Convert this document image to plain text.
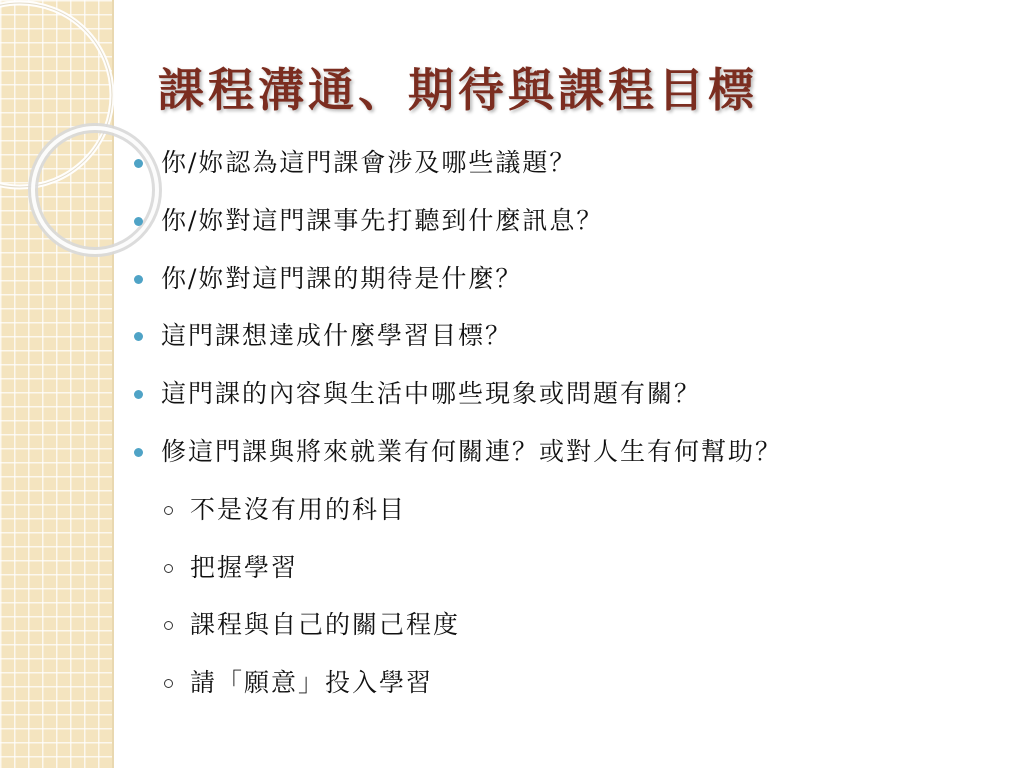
課程溝通、期待與課程目標
你/妳認為這門課會涉及哪些議題？
你/妳對這門課事先打聽到什麼訊息？
你/妳對這門課的期待是什麼？
這門課想達成什麼學習目標？
這門課的內容與生活中哪些現象或問題有關？
修這門課與將來就業有何關連？或對人生有何幫助？
不是沒有用的科目
把握學習
課程與自己的關己程度
請「願意」投入學習
